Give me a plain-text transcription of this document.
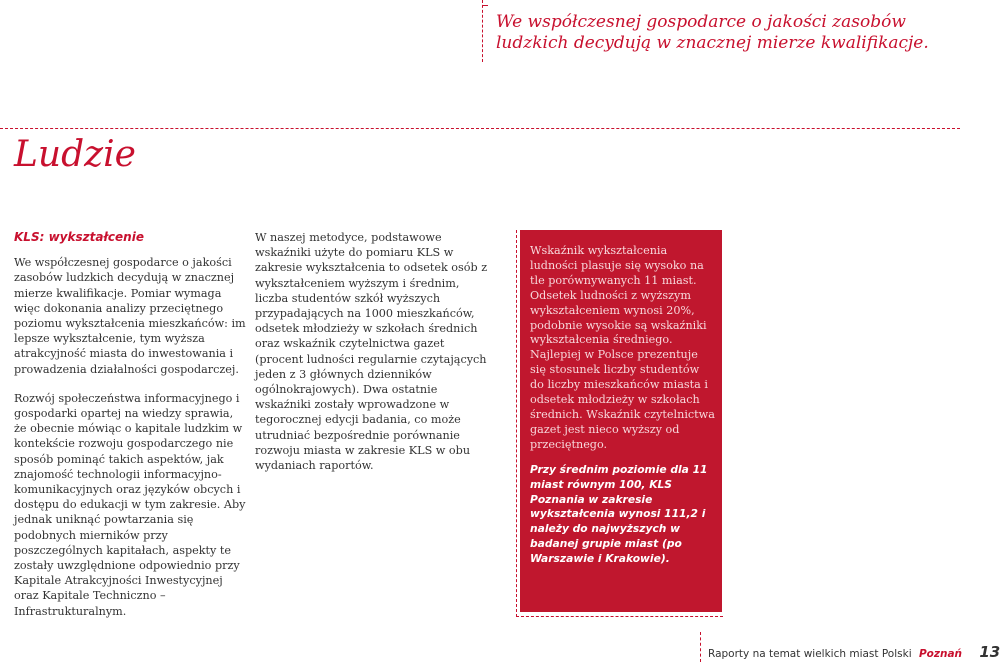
We współczesnej gospodarce o jakości zasobów ludzkich decydują w znacznej mierze kwalifikacje.
Ludzie

KLS: wykształcenie

We współczesnej gospodarce o jakości zasobów ludzkich decydują w znacznej mierze kwalifikacje. Pomiar wymaga więc dokonania analizy przeciętnego poziomu wykształcenia mieszkańców: im lepsze wykształcenie, tym wyższa atrakcyjność miasta do inwestowania i prowadzenia działalności gospodarczej.

Rozwój społeczeństwa informacyjnego i gospodarki opartej na wiedzy sprawia, że obecnie mówiąc o kapitale ludzkim w kontekście rozwoju gospodarczego nie sposób pominąć takich aspektów, jak znajomość technologii informacyjno-komunikacyjnych oraz języków obcych i dostępu do edukacji w tym zakresie. Aby jednak uniknąć powtarzania się podobnych mierników przy poszczególnych kapitałach, aspekty te zostały uwzględnione odpowiednio przy Kapitale Atrakcyjności Inwestycyjnej oraz Kapitale Techniczno – Infrastrukturalnym.

W naszej metodyce, podstawowe wskaźniki użyte do pomiaru KLS w zakresie wykształcenia to odsetek osób z wykształceniem wyższym i średnim, liczba studentów szkół wyższych przypadających na 1000 mieszkańców, odsetek młodzieży w szkołach średnich oraz wskaźnik czytelnictwa gazet (procent ludności regularnie czytających jeden z 3 głównych dzienników ogólnokrajowych). Dwa ostatnie wskaźniki zostały wprowadzone w tegorocznej edycji badania, co może utrudniać bezpośrednie porównanie rozwoju miasta w zakresie KLS w obu wydaniach raportów.

Wskaźnik wykształcenia ludności plasuje się wysoko na tle porównywanych 11 miast. Odsetek ludności z wyższym wykształceniem wynosi 20%, podobnie wysokie są wskaźniki wykształcenia średniego. Najlepiej w Polsce prezentuje się stosunek liczby studentów do liczby mieszkańców miasta i odsetek młodzieży w szkołach średnich. Wskaźnik czytelnictwa gazet jest nieco wyższy od przeciętnego.

Przy średnim poziomie dla 11 miast równym 100, KLS Poznania w zakresie wykształcenia wynosi 111,2 i należy do najwyższych w badanej grupie miast (po Warszawie i Krakowie).

Raporty na temat wielkich miast Polski Poznań 13
